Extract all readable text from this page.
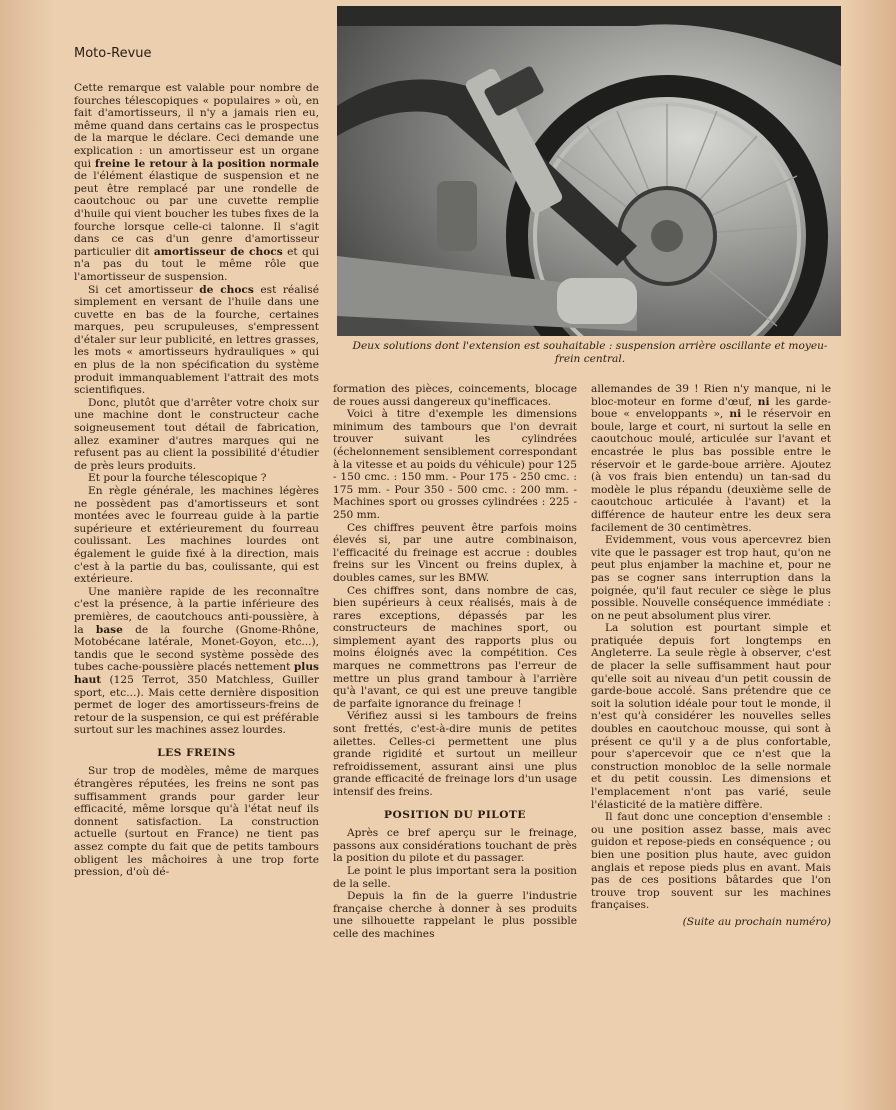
Moto-Revue

Cette remarque est valable pour nombre de fourches télescopiques « populaires » où, en fait d'amortisseurs, il n'y a jamais rien eu, même quand dans certains cas le prospectus de la marque le déclare. Ceci demande une explication : un amortisseur est un organe qui freine le retour à la position normale de l'élément élastique de suspension et ne peut être remplacé par une rondelle de caoutchouc ou par une cuvette remplie d'huile qui vient boucher les tubes fixes de la fourche lorsque celle-ci talonne. Il s'agit dans ce cas d'un genre d'amortisseur particulier dit amortisseur de chocs et qui n'a pas du tout le même rôle que l'amortisseur de suspension.

Si cet amortisseur de chocs est réalisé simplement en versant de l'huile dans une cuvette en bas de la fourche, certaines marques, peu scrupuleuses, s'empressent d'étaler sur leur publicité, en lettres grasses, les mots « amortisseurs hydrauliques » qui en plus de la non spécification du système produit immanquablement l'attrait des mots scientifiques.

Donc, plutôt que d'arrêter votre choix sur une machine dont le constructeur cache soigneusement tout détail de fabrication, allez examiner d'autres marques qui ne refusent pas au client la possibilité d'étudier de près leurs produits.

Et pour la fourche télescopique ?

En règle générale, les machines légères ne possèdent pas d'amortisseurs et sont montées avec le fourreau guide à la partie supérieure et extérieurement du fourreau coulissant. Les machines lourdes ont également le guide fixé à la direction, mais c'est à la partie du bas, coulissante, qui est extérieure.

Une manière rapide de les reconnaître c'est la présence, à la partie inférieure des premières, de caoutchoucs anti-poussière, à la base de la fourche (Gnome-Rhône, Motobécane latérale, Monet-Goyon, etc...), tandis que le second système possède des tubes cache-poussière placés nettement plus haut (125 Terrot, 350 Matchless, Guiller sport, etc...). Mais cette dernière disposition permet de loger des amortisseurs-freins de retour de la suspension, ce qui est préférable surtout sur les machines assez lourdes.

LES FREINS

Sur trop de modèles, même de marques étrangères réputées, les freins ne sont pas suffisamment grands pour garder leur efficacité, même lorsque qu'à l'état neuf ils donnent satisfaction. La construction actuelle (surtout en France) ne tient pas assez compte du fait que de petits tambours obligent les mâchoires à une trop forte pression, d'où dé-

Deux solutions dont l'extension est souhaitable : suspension arrière oscillante et moyeu-frein central.

formation des pièces, coincements, blocage de roues aussi dangereux qu'inefficaces.

Voici à titre d'exemple les dimensions minimum des tambours que l'on devrait trouver suivant les cylindrées (échelonnement sensiblement correspondant à la vitesse et au poids du véhicule) pour 125 - 150 cmc. : 150 mm. - Pour 175 - 250 cmc. : 175 mm. - Pour 350 - 500 cmc. : 200 mm. - Machines sport ou grosses cylindrées : 225 - 250 mm.

Ces chiffres peuvent être parfois moins élevés si, par une autre combinaison, l'efficacité du freinage est accrue : doubles freins sur les Vincent ou freins duplex, à doubles cames, sur les BMW.

Ces chiffres sont, dans nombre de cas, bien supérieurs à ceux réalisés, mais à de rares exceptions, dépassés par les constructeurs de machines sport, ou simplement ayant des rapports plus ou moins éloignés avec la compétition. Ces marques ne commettrons pas l'erreur de mettre un plus grand tambour à l'arrière qu'à l'avant, ce qui est une preuve tangible de parfaite ignorance du freinage !

Vérifiez aussi si les tambours de freins sont frettés, c'est-à-dire munis de petites ailettes. Celles-ci permettent une plus grande rigidité et surtout un meilleur refroidissement, assurant ainsi une plus grande efficacité de freinage lors d'un usage intensif des freins.

POSITION DU PILOTE

Après ce bref aperçu sur le freinage, passons aux considérations touchant de près la position du pilote et du passager.

Le point le plus important sera la position de la selle.

Depuis la fin de la guerre l'industrie française cherche à donner à ses produits une silhouette rappelant le plus possible celle des machines

allemandes de 39 ! Rien n'y manque, ni le bloc-moteur en forme d'œuf, ni les garde-boue « enveloppants », ni le réservoir en boule, large et court, ni surtout la selle en caoutchouc moulé, articulée sur l'avant et encastrée le plus bas possible entre le réservoir et le garde-boue arrière. Ajoutez (à vos frais bien entendu) un tan-sad du modèle le plus répandu (deuxième selle de caoutchouc articulée à l'avant) et la différence de hauteur entre les deux sera facilement de 30 centimètres.

Evidemment, vous vous apercevrez bien vite que le passager est trop haut, qu'on ne peut plus enjamber la machine et, pour ne pas se cogner sans interruption dans la poignée, qu'il faut reculer ce siège le plus possible. Nouvelle conséquence immédiate : on ne peut absolument plus virer.

La solution est pourtant simple et pratiquée depuis fort longtemps en Angleterre. La seule règle à observer, c'est de placer la selle suffisamment haut pour qu'elle soit au niveau d'un petit coussin de garde-boue accolé. Sans prétendre que ce soit la solution idéale pour tout le monde, il n'est qu'à considérer les nouvelles selles doubles en caoutchouc mousse, qui sont à présent ce qu'il y a de plus confortable, pour s'apercevoir que ce n'est que la construction monobloc de la selle normale et du petit coussin. Les dimensions et l'emplacement n'ont pas varié, seule l'élasticité de la matière diffère.

Il faut donc une conception d'ensemble : ou une position assez basse, mais avec guidon et repose-pieds en conséquence ; ou bien une position plus haute, avec guidon anglais et repose pieds plus en avant. Mais pas de ces positions bâtardes que l'on trouve trop souvent sur les machines françaises.

(Suite au prochain numéro)
